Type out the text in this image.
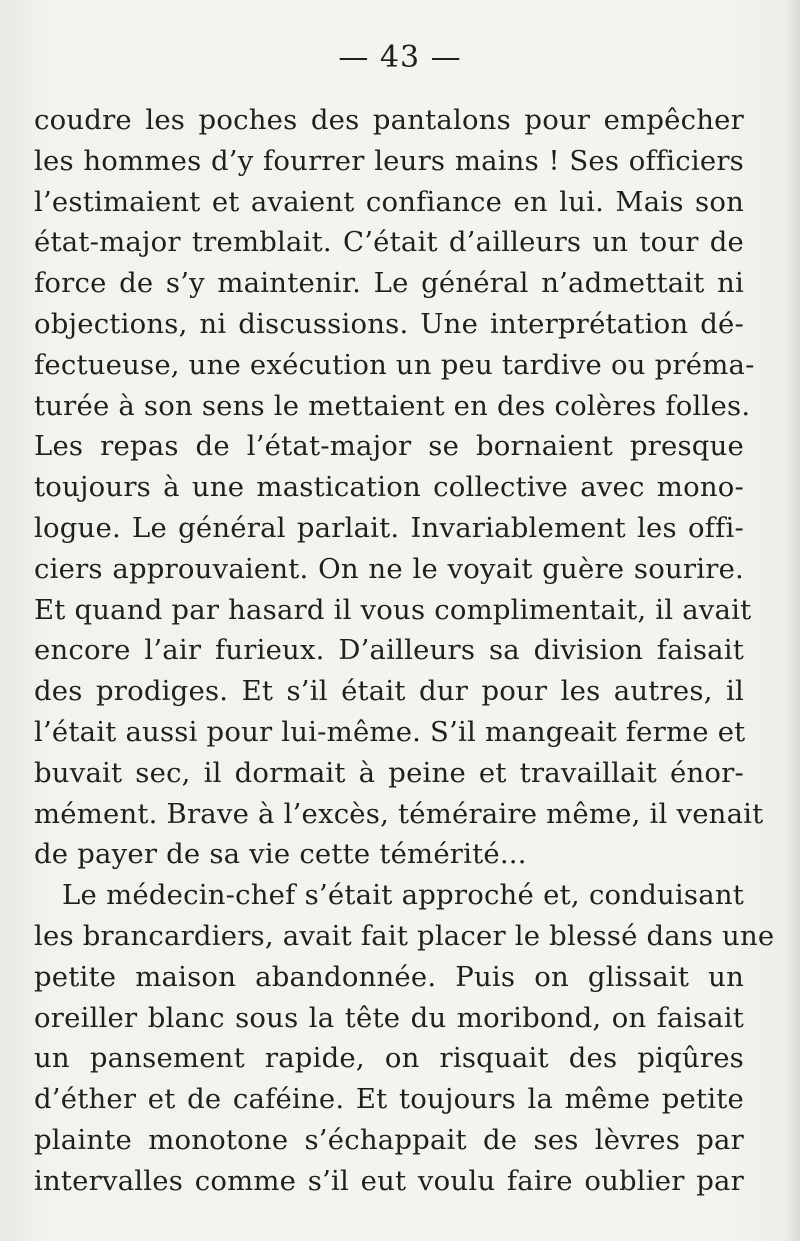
— 43 —
coudre les poches des pantalons pour empêcher
les hommes d’y fourrer leurs mains ! Ses officiers
l’estimaient et avaient confiance en lui. Mais son
état-major tremblait. C’était d’ailleurs un tour de
force de s’y maintenir. Le général n’admettait ni
objections, ni discussions. Une interprétation dé-
fectueuse, une exécution un peu tardive ou préma-
turée à son sens le mettaient en des colères folles.
Les repas de l’état-major se bornaient presque
toujours à une mastication collective avec mono-
logue. Le général parlait. Invariablement les offi-
ciers approuvaient. On ne le voyait guère sourire.
Et quand par hasard il vous complimentait, il avait
encore l’air furieux. D’ailleurs sa division faisait
des prodiges. Et s’il était dur pour les autres, il
l’était aussi pour lui-même. S’il mangeait ferme et
buvait sec, il dormait à peine et travaillait énor-
mément. Brave à l’excès, téméraire même, il venait
de payer de sa vie cette témérité...
Le médecin-chef s’était approché et, conduisant
les brancardiers, avait fait placer le blessé dans une
petite maison abandonnée. Puis on glissait un
oreiller blanc sous la tête du moribond, on faisait
un pansement rapide, on risquait des piqûres
d’éther et de caféine. Et toujours la même petite
plainte monotone s’échappait de ses lèvres par
intervalles comme s’il eut voulu faire oublier par
